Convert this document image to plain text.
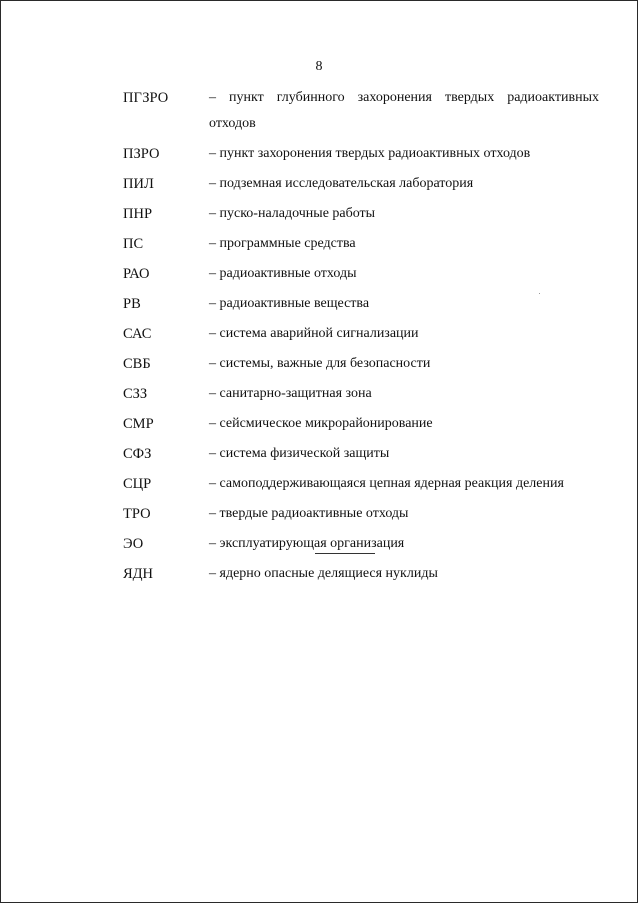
8
ПГЗРО	– пункт глубинного захоронения твердых радиоактивных отходов
ПЗРО	– пункт захоронения твердых радиоактивных отходов
ПИЛ	– подземная исследовательская лаборатория
ПНР	– пуско-наладочные работы
ПС	– программные средства
РАО	– радиоактивные отходы
РВ	– радиоактивные вещества
САС	– система аварийной сигнализации
СВБ	– системы, важные для безопасности
СЗЗ	– санитарно-защитная зона
СМР	– сейсмическое микрорайонирование
СФЗ	– система физической защиты
СЦР	– самоподдерживающаяся цепная ядерная реакция деления
ТРО	– твердые радиоактивные отходы
ЭО	– эксплуатирующая организация
ЯДН	– ядерно опасные делящиеся нуклиды
